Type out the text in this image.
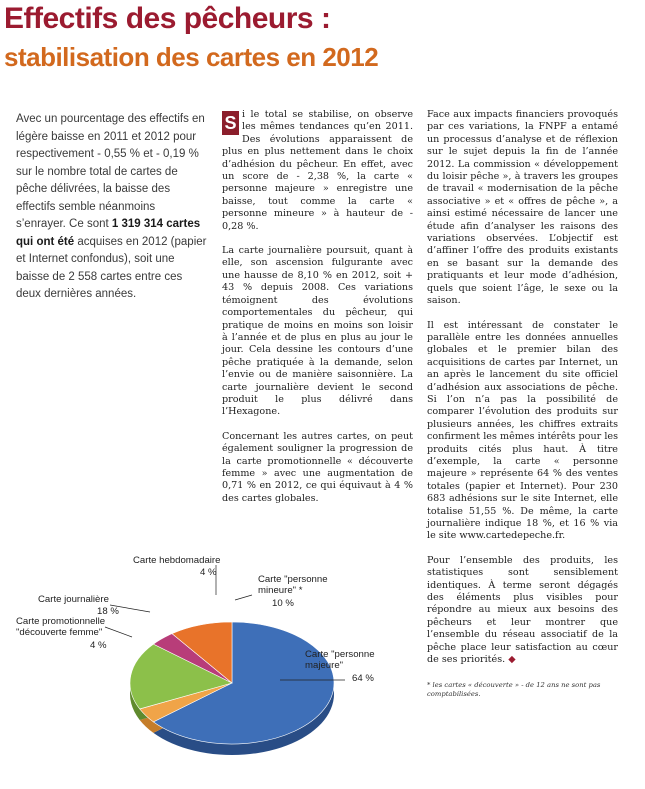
Effectifs des pêcheurs :
stabilisation des cartes en 2012
Avec un pourcentage des effectifs en légère baisse en 2011 et 2012 pour respectivement - 0,55 % et - 0,19 % sur le nombre total de cartes de pêche délivrées, la baisse des effectifs semble néanmoins s’enrayer. Ce sont 1 319 314 cartes qui ont été acquises en 2012 (papier et Internet confondus), soit une baisse de 2 558 cartes entre ces deux dernières années.

S i le total se stabilise, on observe les mêmes tendances qu’en 2011. Des évolutions apparaissent de plus en plus nettement dans le choix d’adhésion du pêcheur. En effet, avec un score de - 2,38 %, la carte « personne majeure » enregistre une baisse, tout comme la carte « personne mineure » à hauteur de - 0,28 %.

La carte journalière poursuit, quant à elle, son ascension fulgurante avec une hausse de 8,10 % en 2012, soit + 43 % depuis 2008. Ces variations témoignent des évolutions comportementales du pêcheur, qui pratique de moins en moins son loisir à l’année et de plus en plus au jour le jour. Cela dessine les contours d’une pêche pratiquée à la demande, selon l’envie ou de manière saisonnière. La carte journalière devient le second produit le plus délivré dans l’Hexagone.

Concernant les autres cartes, on peut également souligner la progression de la carte promotionnelle « découverte femme » avec une augmentation de 0,71 % en 2012, ce qui équivaut à 4 % des cartes globales.

Face aux impacts financiers provoqués par ces variations, la FNPF a entamé un processus d’analyse et de réflexion sur le sujet depuis la fin de l’année 2012. La commission « développement du loisir pêche », à travers les groupes de travail « modernisation de la pêche associative » et « offres de pêche », a ainsi estimé nécessaire de lancer une étude afin d’analyser les raisons des variations observées. L’objectif est d’affiner l’offre des produits existants en se basant sur la demande des pratiquants et leur mode d’adhésion, quels que soient l’âge, le sexe ou la saison.

Il est intéressant de constater le parallèle entre les données annuelles globales et le premier bilan des acquisitions de cartes par Internet, un an après le lancement du site officiel d’adhésion aux associations de pêche. Si l’on n’a pas la possibilité de comparer l’évolution des produits sur plusieurs années, les chiffres extraits confirment les mêmes intérêts pour les produits cités plus haut. À titre d’exemple, la carte « personne majeure » représente 64 % des ventes totales (papier et Internet). Pour 230 683 adhésions sur le site Internet, elle totalise 51,55 %. De même, la carte journalière indique 18 %, et 16 % via le site www.cartedepeche.fr.

Pour l’ensemble des produits, les statistiques sont sensiblement identiques. À terme seront dégagés des éléments plus visibles pour répondre au mieux aux besoins des pêcheurs et leur montrer que l’ensemble du réseau associatif de la pêche place leur satisfaction au cœur de ses priorités. ◆

* les cartes « découverte » - de 12 ans ne sont pas comptabilisées.
Carte "personne majeure"
64 %
Carte promotionnelle "découverte femme"
4 %
Carte journalière
18 %
Carte hebdomadaire
4 %
Carte "personne mineure" *
10 %
